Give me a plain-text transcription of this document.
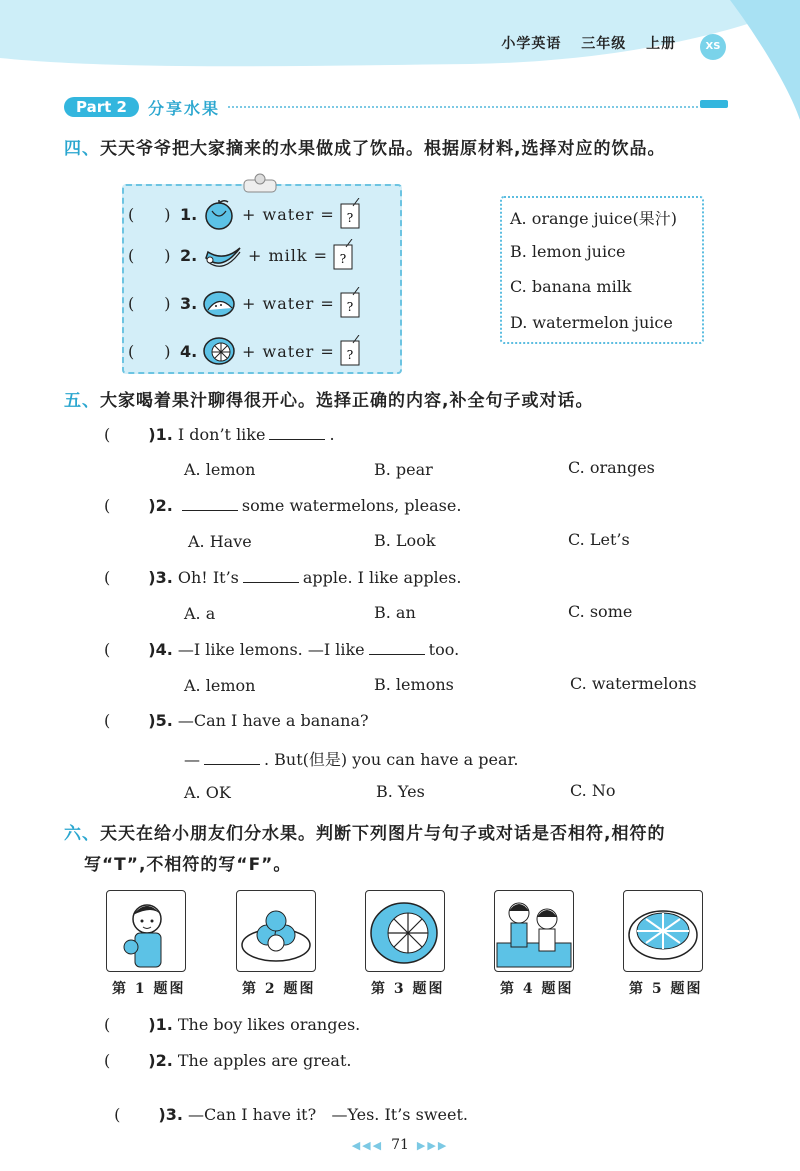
小学英语 三年级 上册	XS
Part 2	分享水果
四、天天爷爷把大家摘来的水果做成了饮品。根据原材料,选择对应的饮品。
( ) 1.	+ water = ?
( ) 2.	+ milk = ?
( ) 3.	+ water = ?
( ) 4.	+ water = ?
A. orange juice(果汁)
B. lemon juice
C. banana milk
D. watermelon juice
五、大家喝着果汁聊得很开心。选择正确的内容,补全句子或对话。
( )1. I don’t like	.
A. lemon	B. pear	C. oranges
( )2.	some watermelons, please.
A. Have	B. Look	C. Let’s
( )3. Oh! It’s	apple. I like apples.
A. a	B. an	C. some
( )4. —I like lemons. —I like	too.
A. lemon	B. lemons	C. watermelons
( )5. —Can I have a banana?
—	. But(但是) you can have a pear.
A. OK	B. Yes	C. No
六、天天在给小朋友们分水果。判断下列图片与句子或对话是否相符,相符的
写“T”,不相符的写“F”。
第 1 题图	第 2 题图	第 3 题图	第 4 题图	第 5 题图
( )1. The boy likes oranges.
( )2. The apples are great.

( )3. —Can I have it?   —Yes. It’s sweet.

◀◀◀ 71 ▶▶▶
